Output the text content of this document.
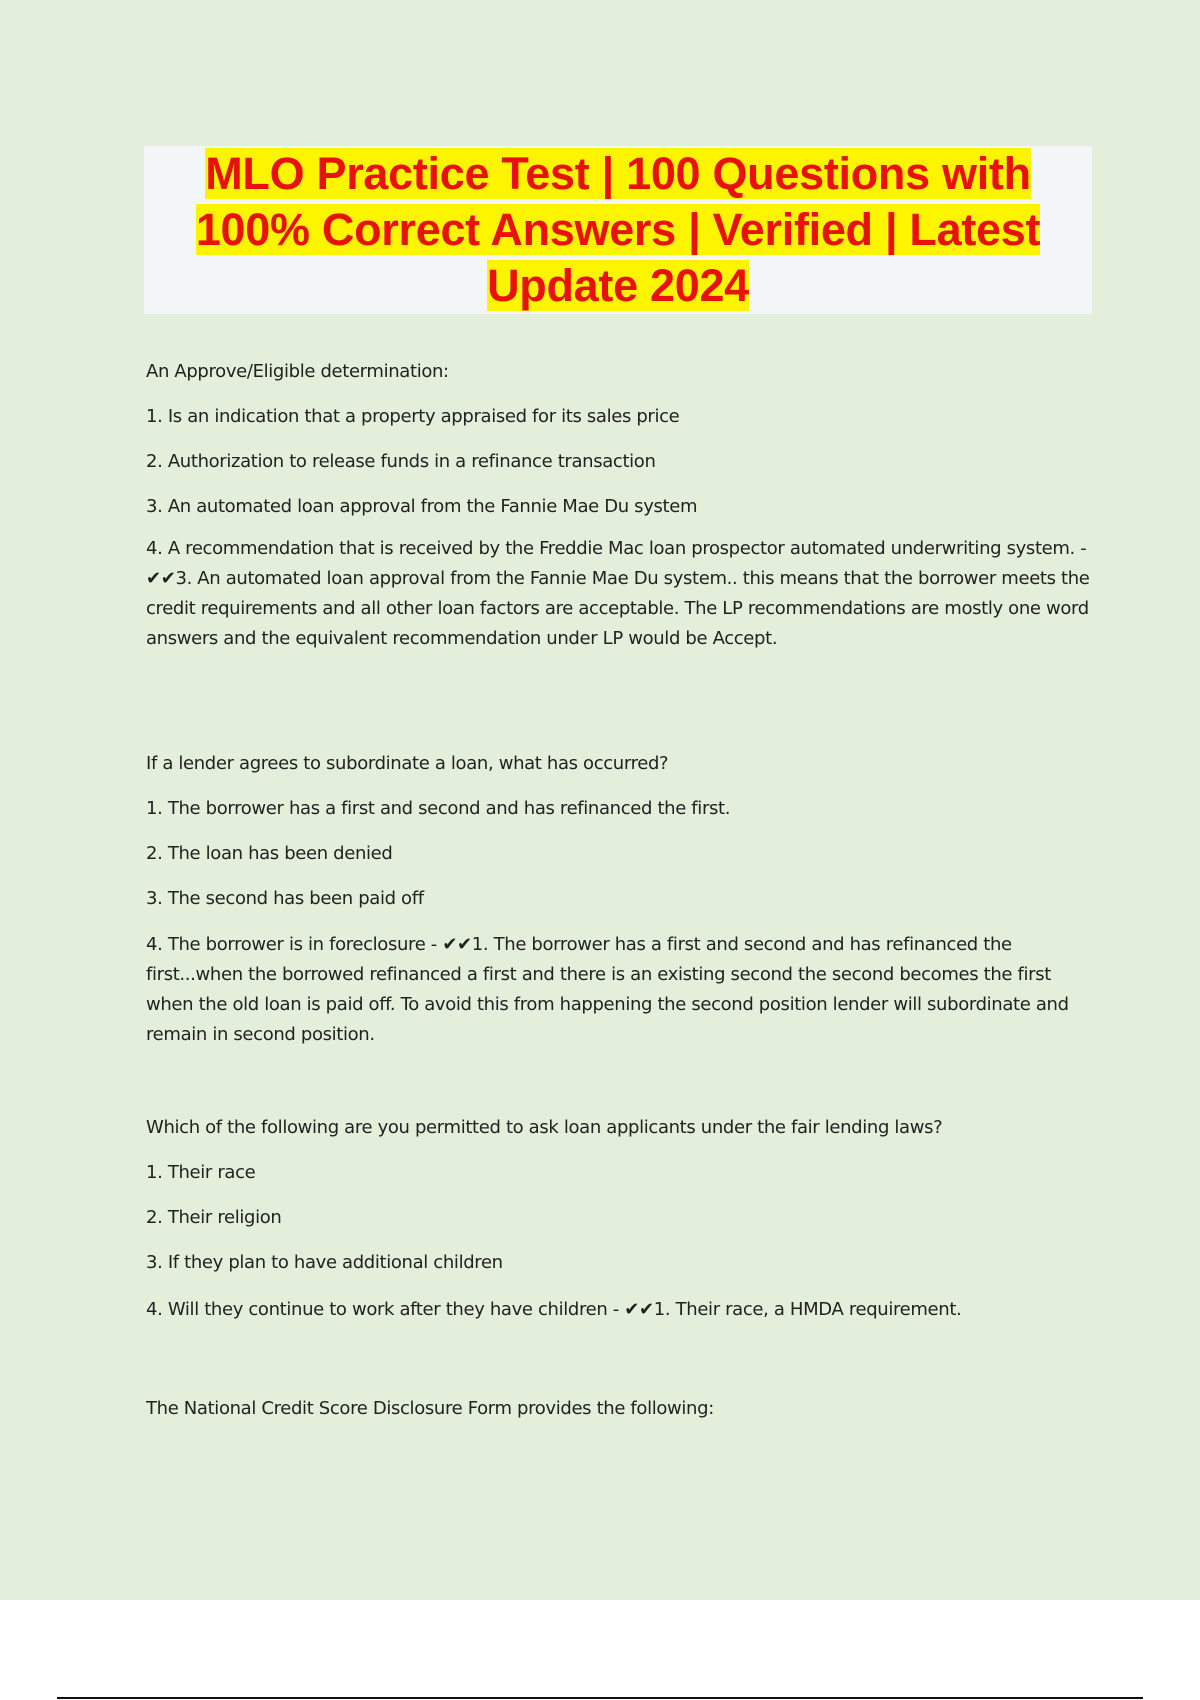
MLO Practice Test | 100 Questions with
100% Correct Answers | Verified | Latest
Update 2024

An Approve/Eligible determination:

1. Is an indication that a property appraised for its sales price

2. Authorization to release funds in a refinance transaction

3. An automated loan approval from the Fannie Mae Du system

4. A recommendation that is received by the Freddie Mac loan prospector automated underwriting system. - ✔✔3. An automated loan approval from the Fannie Mae Du system.. this means that the borrower meets the credit requirements and all other loan factors are acceptable. The LP recommendations are mostly one word answers and the equivalent recommendation under LP would be Accept.

If a lender agrees to subordinate a loan, what has occurred?

1. The borrower has a first and second and has refinanced the first.

2. The loan has been denied

3. The second has been paid off

4. The borrower is in foreclosure - ✔✔1. The borrower has a first and second and has refinanced the first...when the borrowed refinanced a first and there is an existing second the second becomes the first when the old loan is paid off. To avoid this from happening the second position lender will subordinate and remain in second position.

Which of the following are you permitted to ask loan applicants under the fair lending laws?

1. Their race

2. Their religion

3. If they plan to have additional children

4. Will they continue to work after they have children - ✔✔1. Their race, a HMDA requirement.

The National Credit Score Disclosure Form provides the following:
